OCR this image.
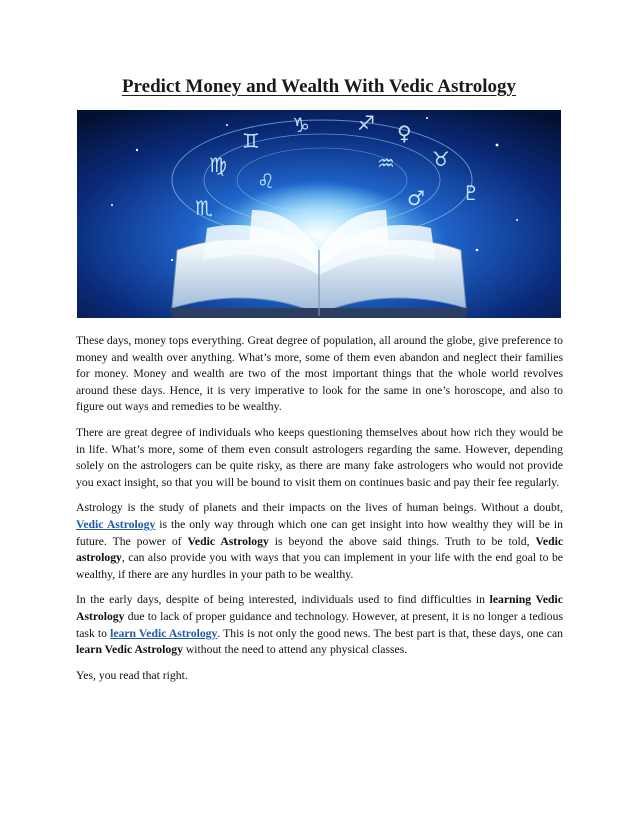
Predict Money and Wealth With Vedic Astrology
♍
♊
♑ ♐ ♀
♉
♏	♂ ♇
♒
♌

These days, money tops everything. Great degree of population, all around the globe, give preference to money and wealth over anything. What’s more, some of them even abandon and neglect their families for money. Money and wealth are two of the most important things that the whole world revolves around these days. Hence, it is very imperative to look for the same in one’s horoscope, and also to figure out ways and remedies to be wealthy.

There are great degree of individuals who keeps questioning themselves about how rich they would be in life. What’s more, some of them even consult astrologers regarding the same. However, depending solely on the astrologers can be quite risky, as there are many fake astrologers who would not provide you exact insight, so that you will be bound to visit them on continues basic and pay their fee regularly.

Astrology is the study of planets and their impacts on the lives of human beings. Without a doubt, Vedic Astrology is the only way through which one can get insight into how wealthy they will be in future. The power of Vedic Astrology is beyond the above said things. Truth to be told, Vedic astrology, can also provide you with ways that you can implement in your life with the end goal to be wealthy, if there are any hurdles in your path to be wealthy.

In the early days, despite of being interested, individuals used to find difficulties in learning Vedic Astrology due to lack of proper guidance and technology. However, at present, it is no longer a tedious task to learn Vedic Astrology. This is not only the good news. The best part is that, these days, one can learn Vedic Astrology without the need to attend any physical classes.

Yes, you read that right.
